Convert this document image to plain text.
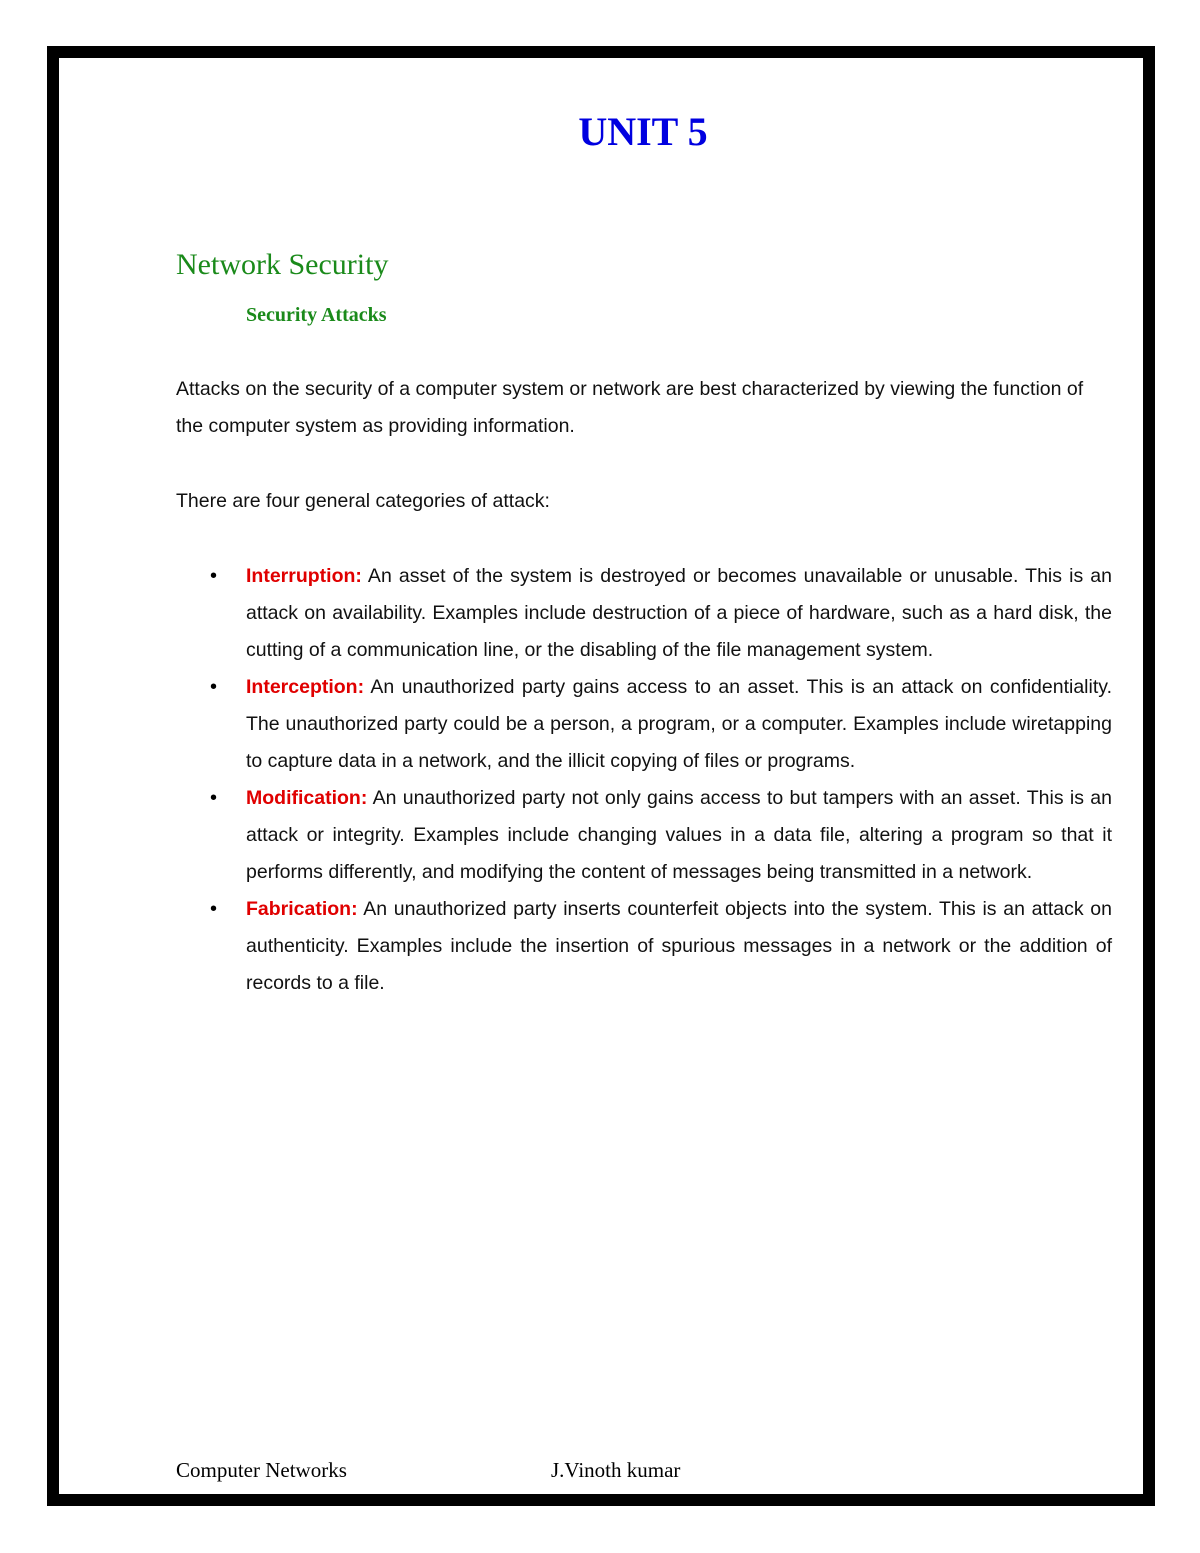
UNIT 5
Network Security
Security Attacks

Attacks on the security of a computer system or network are best characterized by viewing the function of the computer system as providing information.

There are four general categories of attack:

• Interruption: An asset of the system is destroyed or becomes unavailable or unusable. This is an attack on availability. Examples include destruction of a piece of hardware, such as a hard disk, the cutting of a communication line, or the disabling of the file management system.
• Interception: An unauthorized party gains access to an asset. This is an attack on confidentiality. The unauthorized party could be a person, a program, or a computer. Examples include wiretapping to capture data in a network, and the illicit copying of files or programs.
• Modification: An unauthorized party not only gains access to but tampers with an asset. This is an attack or integrity. Examples include changing values in a data file, altering a program so that it performs differently, and modifying the content of messages being transmitted in a network.
• Fabrication: An unauthorized party inserts counterfeit objects into the system. This is an attack on authenticity. Examples include the insertion of spurious messages in a network or the addition of records to a file.
Computer Networks	J.Vinoth kumar
